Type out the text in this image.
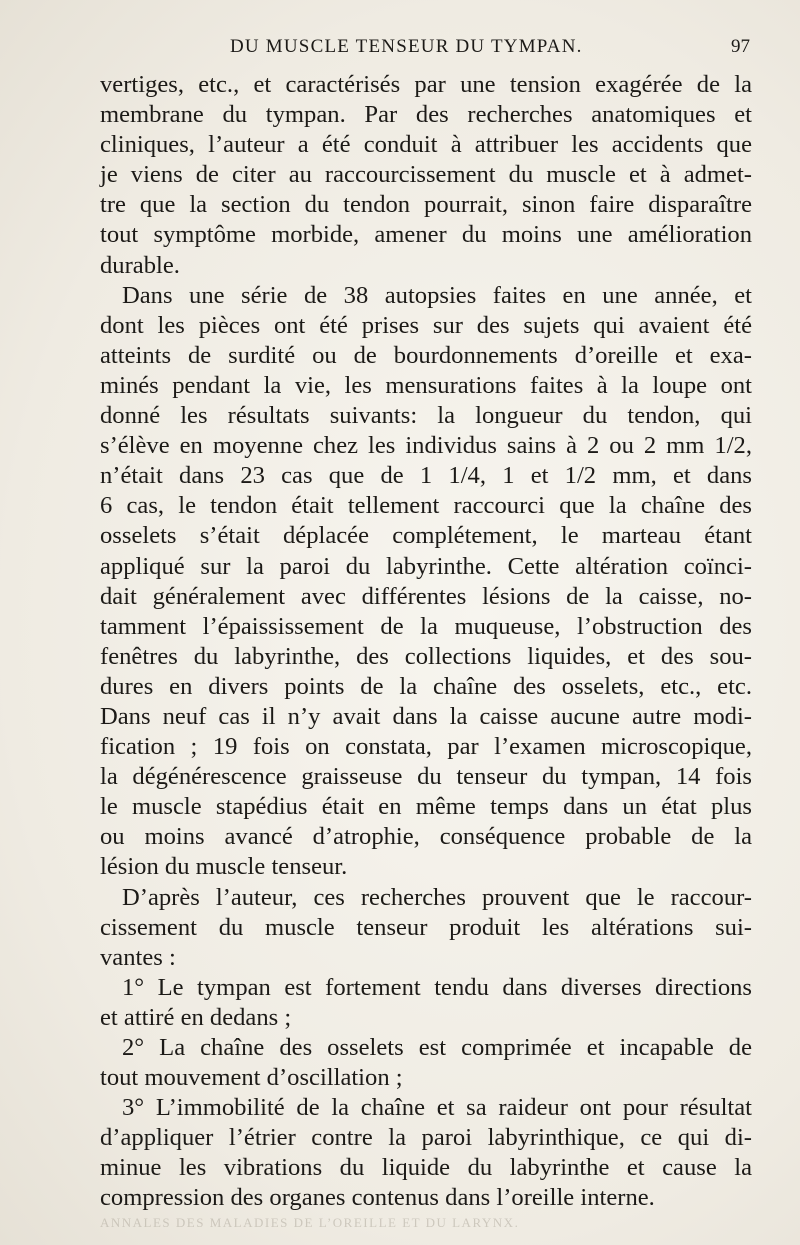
DU MUSCLE TENSEUR DU TYMPAN.	97
vertiges, etc., et caractérisés par une tension exagérée de la
membrane du tympan. Par des recherches anatomiques et
cliniques, l’auteur a été conduit à attribuer les accidents que
je viens de citer au raccourcissement du muscle et à admet-
tre que la section du tendon pourrait, sinon faire disparaître
tout symptôme morbide, amener du moins une amélioration
durable.
Dans une série de 38 autopsies faites en une année, et
dont les pièces ont été prises sur des sujets qui avaient été
atteints de surdité ou de bourdonnements d’oreille et exa-
minés pendant la vie, les mensurations faites à la loupe ont
donné les résultats suivants: la longueur du tendon, qui
s’élève en moyenne chez les individus sains à 2 ou 2 mm 1/2,
n’était dans 23 cas que de 1 1/4, 1 et 1/2 mm, et dans
6 cas, le tendon était tellement raccourci que la chaîne des
osselets s’était déplacée complétement, le marteau étant
appliqué sur la paroi du labyrinthe. Cette altération coïnci-
dait généralement avec différentes lésions de la caisse, no-
tamment l’épaississement de la muqueuse, l’obstruction des
fenêtres du labyrinthe, des collections liquides, et des sou-
dures en divers points de la chaîne des osselets, etc., etc.
Dans neuf cas il n’y avait dans la caisse aucune autre modi-
fication ; 19 fois on constata, par l’examen microscopique,
la dégénérescence graisseuse du tenseur du tympan, 14 fois
le muscle stapédius était en même temps dans un état plus
ou moins avancé d’atrophie, conséquence probable de la
lésion du muscle tenseur.
D’après l’auteur, ces recherches prouvent que le raccour-
cissement du muscle tenseur produit les altérations sui-
vantes :
1° Le tympan est fortement tendu dans diverses directions
et attiré en dedans ;
2° La chaîne des osselets est comprimée et incapable de
tout mouvement d’oscillation ;
3° L’immobilité de la chaîne et sa raideur ont pour résultat
d’appliquer l’étrier contre la paroi labyrinthique, ce qui di-
minue les vibrations du liquide du labyrinthe et cause la
compression des organes contenus dans l’oreille interne.
ANNALES DES MALADIES DE L’OREILLE ET DU LARYNX.
